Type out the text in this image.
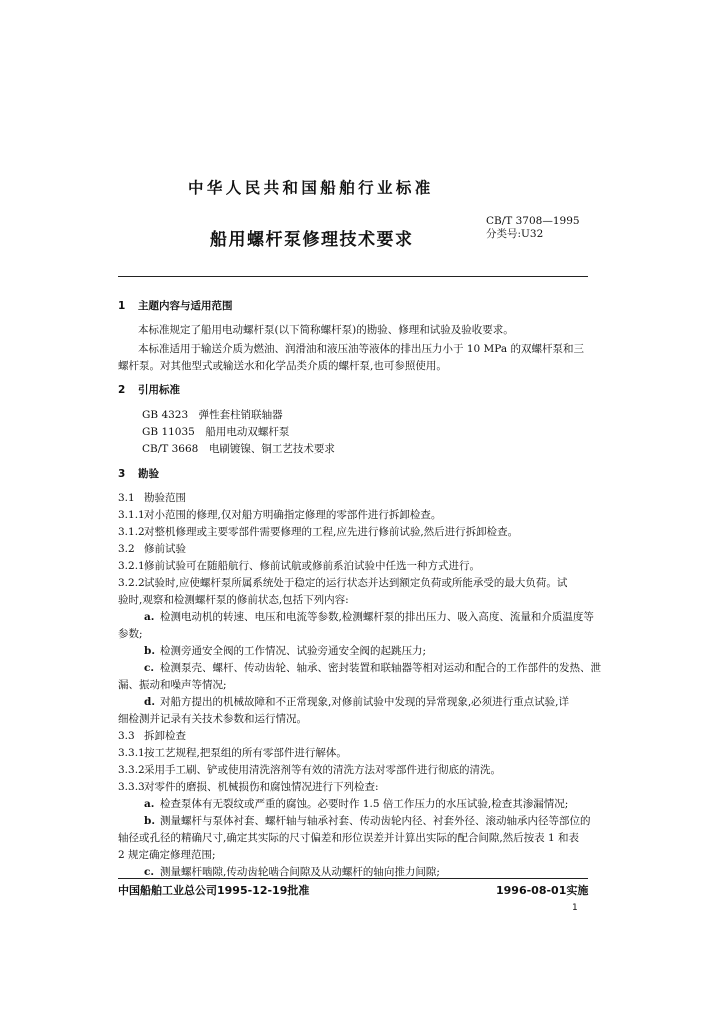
中华人民共和国船舶行业标准
船用螺杆泵修理技术要求
CB/T 3708—1995
分类号:U32
1 主题内容与适用范围
本标准规定了船用电动螺杆泵(以下简称螺杆泵)的勘验、修理和试验及验收要求。
本标准适用于输送介质为燃油、润滑油和液压油等液体的排出压力小于 10 MPa 的双螺杆泵和三
螺杆泵。对其他型式或输送水和化学品类介质的螺杆泵,也可参照使用。
2 引用标准
GB 4323　弹性套柱销联轴器
GB 11035　船用电动双螺杆泵
CB/T 3668　电刷镀镍、铜工艺技术要求
3 勘验
3.1 勘验范围
3.1.1对小范围的修理,仅对船方明确指定修理的零部件进行拆卸检查。
3.1.2对整机修理或主要零部件需要修理的工程,应先进行修前试验,然后进行拆卸检查。
3.2 修前试验
3.2.1修前试验可在随船航行、修前试航或修前系泊试验中任选一种方式进行。
3.2.2试验时,应使螺杆泵所属系统处于稳定的运行状态并达到额定负荷或所能承受的最大负荷。试
验时,观察和检测螺杆泵的修前状态,包括下列内容:
a. 检测电动机的转速、电压和电流等参数,检测螺杆泵的排出压力、吸入高度、流量和介质温度等
参数;
b. 检测旁通安全阀的工作情况、试验旁通安全阀的起跳压力;
c. 检测泵壳、螺杆、传动齿轮、轴承、密封装置和联轴器等相对运动和配合的工作部件的发热、泄
漏、振动和噪声等情况;
d. 对船方提出的机械故障和不正常现象,对修前试验中发现的异常现象,必须进行重点试验,详
细检测并记录有关技术参数和运行情况。
3.3 拆卸检查
3.3.1按工艺规程,把泵组的所有零部件进行解体。
3.3.2采用手工刷、铲或使用清洗溶剂等有效的清洗方法对零部件进行彻底的清洗。
3.3.3对零件的磨损、机械损伤和腐蚀情况进行下列检查:
a. 检查泵体有无裂纹或严重的腐蚀。必要时作 1.5 倍工作压力的水压试验,检查其渗漏情况;
b. 测量螺杆与泵体衬套、螺杆轴与轴承衬套、传动齿轮内径、衬套外径、滚动轴承内径等部位的
轴径或孔径的精确尺寸,确定其实际的尺寸偏差和形位误差并计算出实际的配合间隙,然后按表 1 和表
2 规定确定修理范围;
c. 测量螺杆啮隙,传动齿轮啮合间隙及从动螺杆的轴向推力间隙;
中国船舶工业总公司1995-12-19批准	1996-08-01实施
1
